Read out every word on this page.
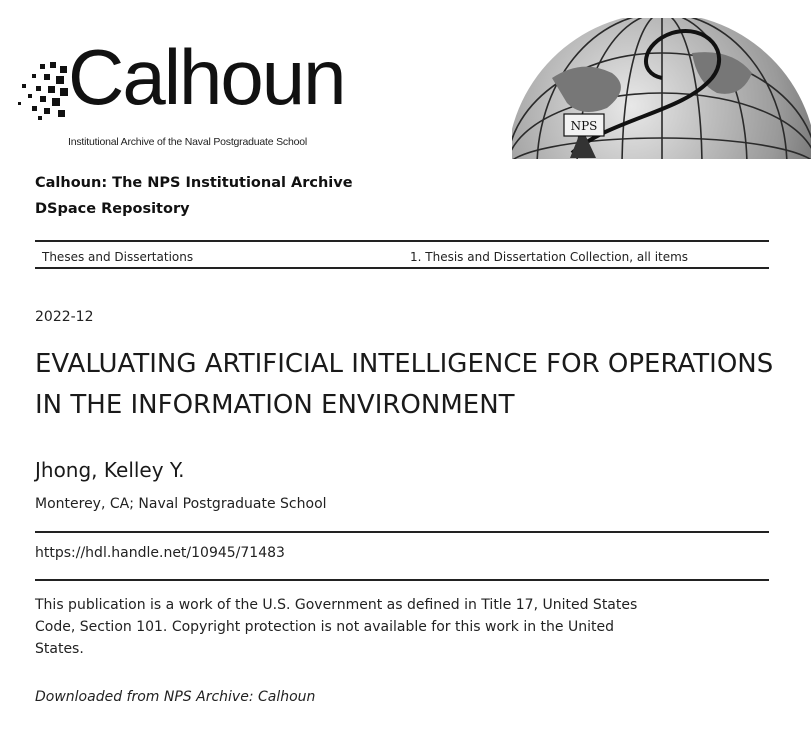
Calhoun
Institutional Archive of the Naval Postgraduate School
NPS
Calhoun: The NPS Institutional Archive
DSpace Repository
Theses and Dissertations	1. Thesis and Dissertation Collection, all items
2022-12
EVALUATING ARTIFICIAL INTELLIGENCE FOR OPERATIONS IN THE INFORMATION ENVIRONMENT
Jhong, Kelley Y.
Monterey, CA; Naval Postgraduate School
https://hdl.handle.net/10945/71483
This publication is a work of the U.S. Government as defined in Title 17, United States Code, Section 101. Copyright protection is not available for this work in the United States.
Downloaded from NPS Archive: Calhoun
